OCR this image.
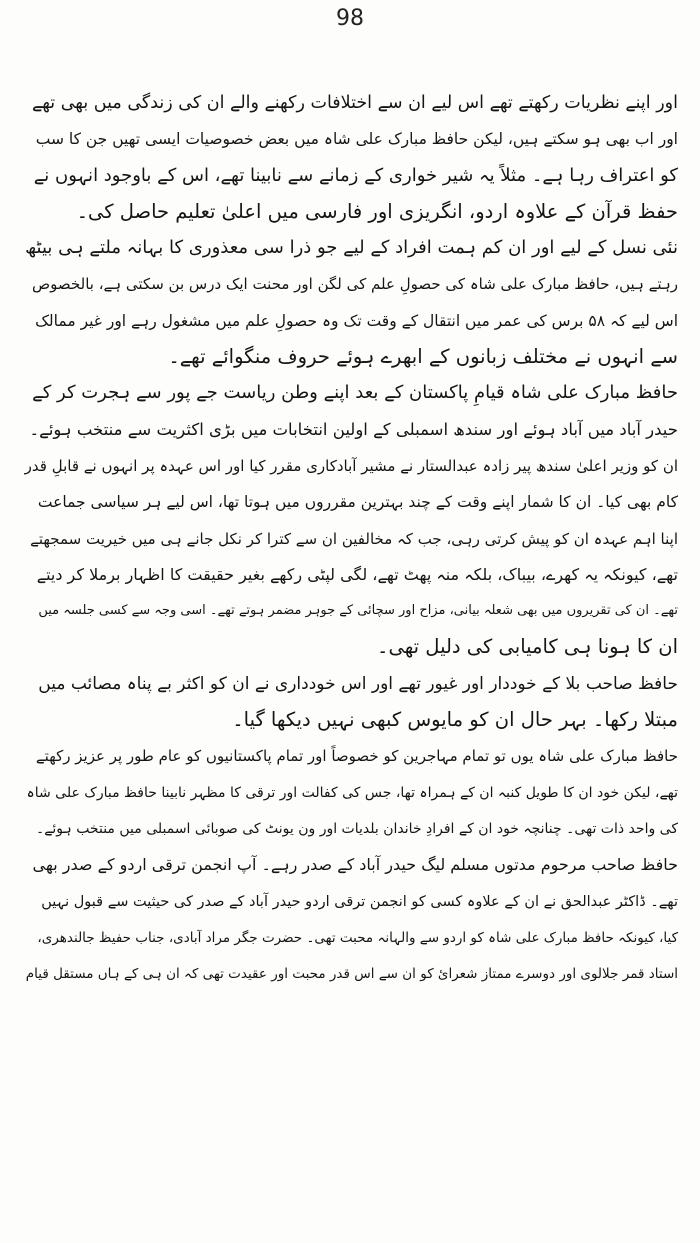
98
اور اپنے نظریات رکھتے تھے اس لیے ان سے اختلافات رکھنے والے ان کی زندگی میں بھی تھے
اور اب بھی ہو سکتے ہیں، لیکن حافظ مبارک علی شاہ میں بعض خصوصیات ایسی تھیں جن کا سب
کو اعتراف رہا ہے۔ مثلاً یہ شیر خواری کے زمانے سے نابینا تھے، اس کے باوجود انہوں نے
حفظ قرآن کے علاوہ اردو، انگریزی اور فارسی میں اعلیٰ تعلیم حاصل کی۔
نئی نسل کے لیے اور ان کم ہمت افراد کے لیے جو ذرا سی معذوری کا بہانہ ملتے ہی بیٹھ
رہتے ہیں، حافظ مبارک علی شاہ کی حصولِ علم کی لگن اور محنت ایک درس بن سکتی ہے، بالخصوص
اس لیے کہ ۵۸ برس کی عمر میں انتقال کے وقت تک وہ حصولِ علم میں مشغول رہے اور غیر ممالک
سے انہوں نے مختلف زبانوں کے ابھرے ہوئے حروف منگوائے تھے۔
حافظ مبارک علی شاہ قیامِ پاکستان کے بعد اپنے وطن ریاست جے پور سے ہجرت کر کے
حیدر آباد میں آباد ہوئے اور سندھ اسمبلی کے اولین انتخابات میں بڑی اکثریت سے منتخب ہوئے۔
ان کو وزیر اعلیٰ سندھ پیر زادہ عبدالستار نے مشیر آبادکاری مقرر کیا اور اس عہدہ پر انہوں نے قابلِ قدر
کام بھی کیا۔ ان کا شمار اپنے وقت کے چند بہترین مقرروں میں ہوتا تھا، اس لیے ہر سیاسی جماعت
اپنا اہم عہدہ ان کو پیش کرتی رہی، جب کہ مخالفین ان سے کترا کر نکل جانے ہی میں خیریت سمجھتے
تھے، کیونکہ یہ کھرے، بیباک، بلکہ منہ پھٹ تھے، لگی لپٹی رکھے بغیر حقیقت کا اظہار برملا کر دیتے
تھے۔ ان کی تقریروں میں بھی شعلہ بیانی، مزاح اور سچائی کے جوہر مضمر ہوتے تھے۔ اسی وجہ سے کسی جلسہ میں
ان کا ہونا ہی کامیابی کی دلیل تھی۔
حافظ صاحب بلا کے خوددار اور غیور تھے اور اس خودداری نے ان کو اکثر بے پناہ مصائب میں
مبتلا رکھا۔ بہر حال ان کو مایوس کبھی نہیں دیکھا گیا۔
حافظ مبارک علی شاہ یوں تو تمام مہاجرین کو خصوصاً اور تمام پاکستانیوں کو عام طور پر عزیز رکھتے
تھے، لیکن خود ان کا طویل کنبہ ان کے ہمراہ تھا، جس کی کفالت اور ترقی کا مظہر نابینا حافظ مبارک علی شاہ
کی واحد ذات تھی۔ چنانچہ خود ان کے افرادِ خاندان بلدیات اور ون یونٹ کی صوبائی اسمبلی میں منتخب ہوئے۔
حافظ صاحب مرحوم مدتوں مسلم لیگ حیدر آباد کے صدر رہے۔ آپ انجمن ترقی اردو کے صدر بھی
تھے۔ ڈاکٹر عبدالحق نے ان کے علاوہ کسی کو انجمن ترقی اردو حیدر آباد کے صدر کی حیثیت سے قبول نہیں
کیا، کیونکہ حافظ مبارک علی شاہ کو اردو سے والہانہ محبت تھی۔ حضرت جگر مراد آبادی، جناب حفیظ جالندھری،
استاد قمر جلالوی اور دوسرے ممتاز شعرائ کو ان سے اس قدر محبت اور عقیدت تھی کہ ان ہی کے ہاں مستقل قیام
